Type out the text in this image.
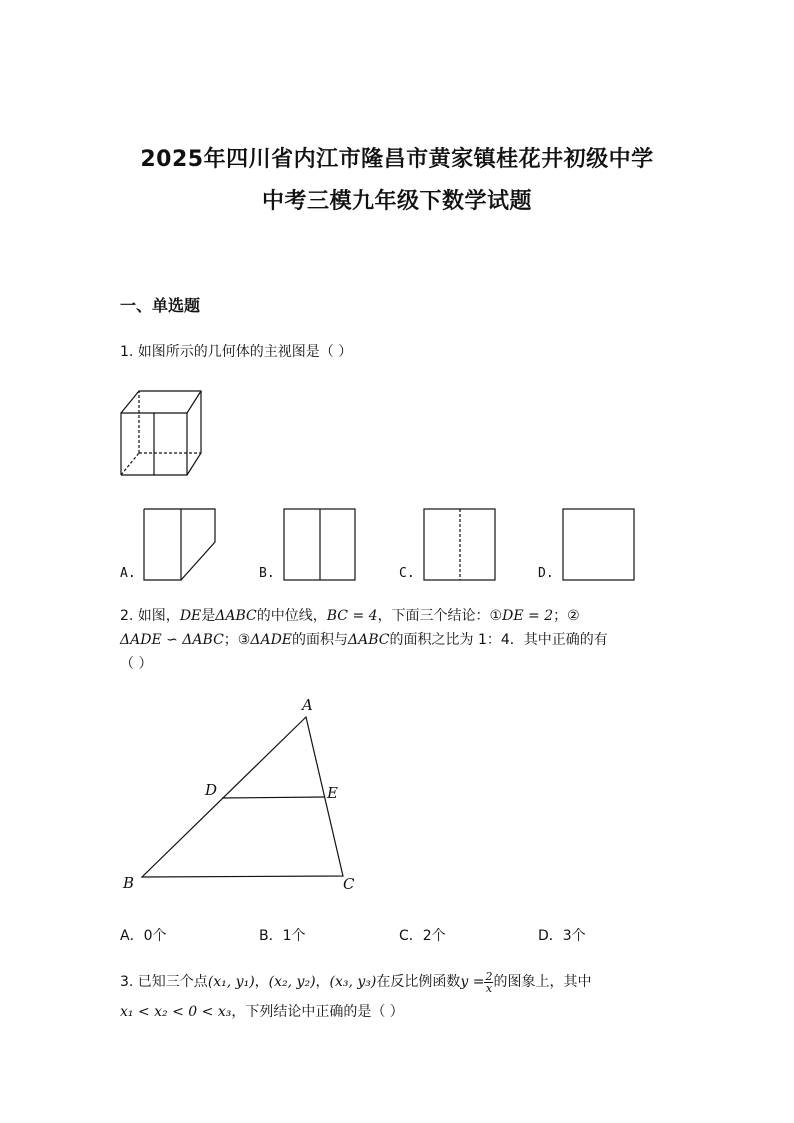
2025年四川省内江市隆昌市黄家镇桂花井初级中学
中考三模九年级下数学试题
一、单选题
1. 如图所示的几何体的主视图是（ ）
A.	B.	C.	D.
2. 如图，DE是ΔABC的中位线，BC = 4，下面三个结论：①DE = 2；②
ΔADE ∽ ΔABC；③ΔADE的面积与ΔABC的面积之比为 1：4．其中正确的有
（ ）
A
D	E
B	C
A．0个	B．1个	C．2个	D．3个
3. 已知三个点(x₁, y₁)，(x₂, y₂)，(x₃, y₃)在反比例函数$y = \frac{2}{x}$ 的图象上，其中
x₁ < x₂ < 0 < x₃，下列结论中正确的是（ ）
